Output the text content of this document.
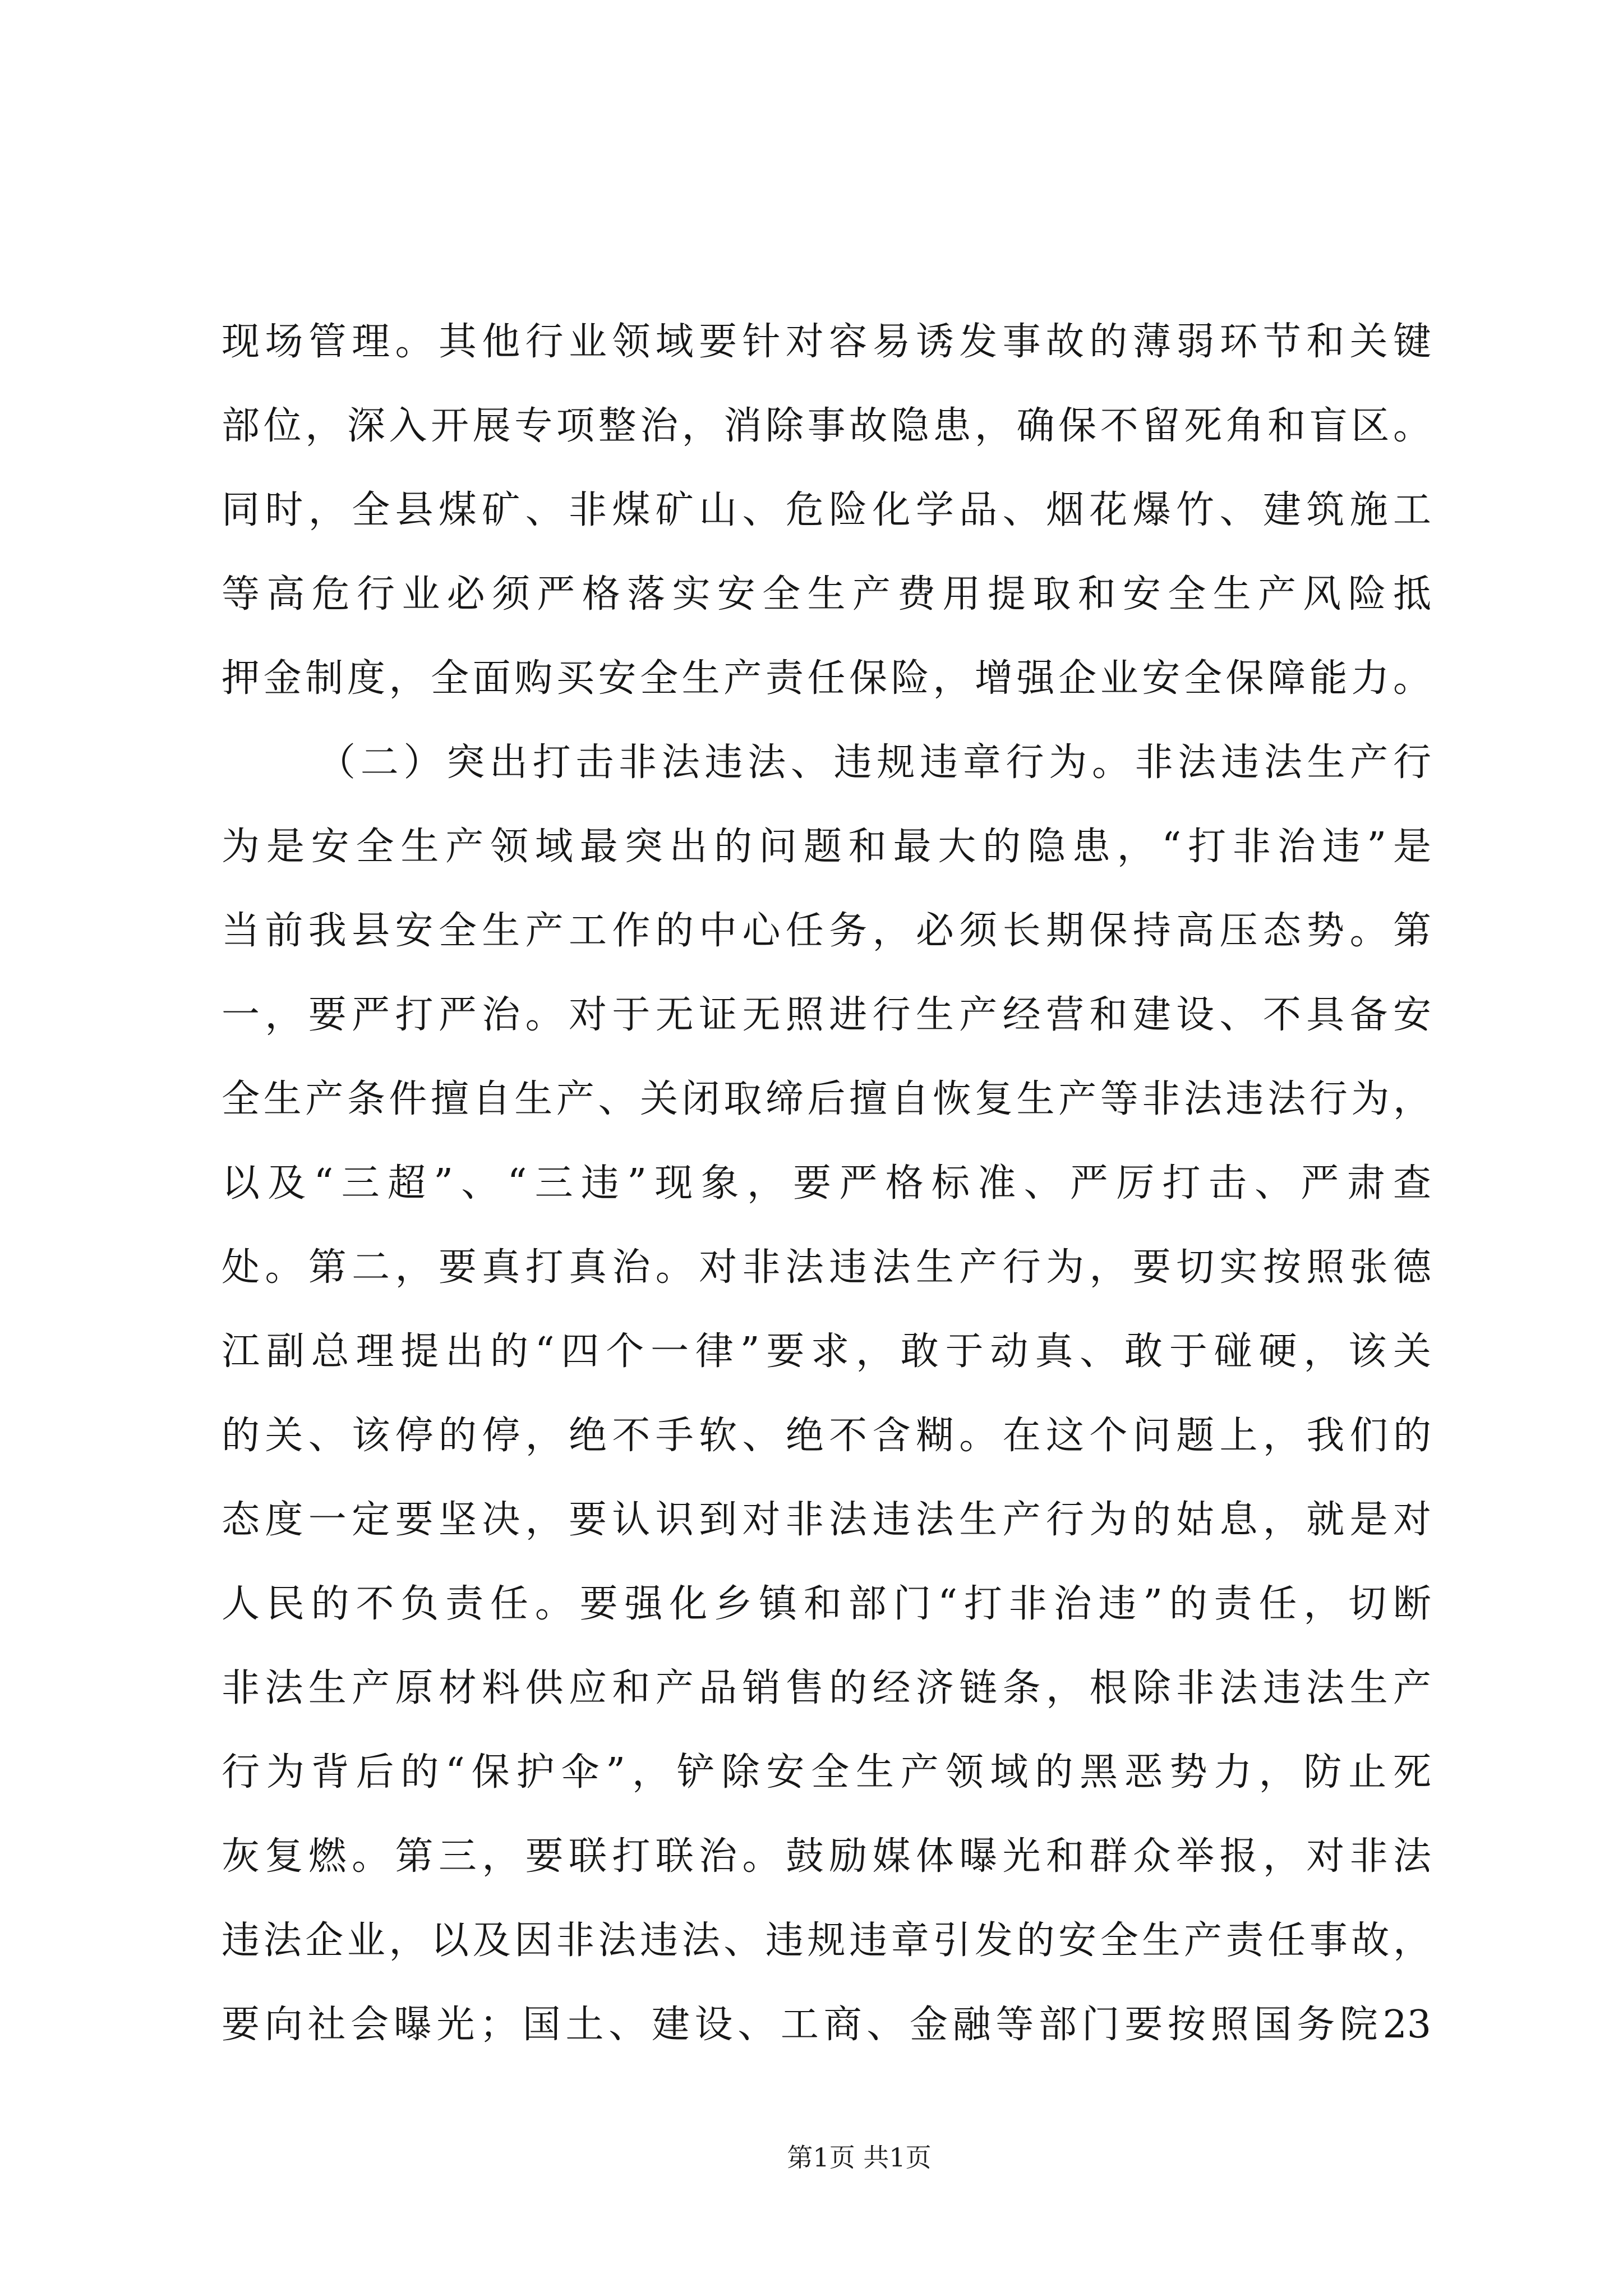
现场管理。其他行业领域要针对容易诱发事故的薄弱环节和关键
部位，深入开展专项整治，消除事故隐患，确保不留死角和盲区。
同时，全县煤矿、非煤矿山、危险化学品、烟花爆竹、建筑施工
等高危行业必须严格落实安全生产费用提取和安全生产风险抵
押金制度，全面购买安全生产责任保险，增强企业安全保障能力。
（二）突出打击非法违法、违规违章行为。非法违法生产行
为是安全生产领域最突出的问题和最大的隐患，“打非治违”是
当前我县安全生产工作的中心任务，必须长期保持高压态势。第
一，要严打严治。对于无证无照进行生产经营和建设、不具备安
全生产条件擅自生产、关闭取缔后擅自恢复生产等非法违法行为，
以及“三超”、“三违”现象，要严格标准、严厉打击、严肃查
处。第二，要真打真治。对非法违法生产行为，要切实按照张德
江副总理提出的“四个一律”要求，敢于动真、敢于碰硬，该关
的关、该停的停，绝不手软、绝不含糊。在这个问题上，我们的
态度一定要坚决，要认识到对非法违法生产行为的姑息，就是对
人民的不负责任。要强化乡镇和部门“打非治违”的责任，切断
非法生产原材料供应和产品销售的经济链条，根除非法违法生产
行为背后的“保护伞”，铲除安全生产领域的黑恶势力，防止死
灰复燃。第三，要联打联治。鼓励媒体曝光和群众举报，对非法
违法企业，以及因非法违法、违规违章引发的安全生产责任事故，
要向社会曝光；国土、建设、工商、金融等部门要按照国务院23
第1页 共1页
